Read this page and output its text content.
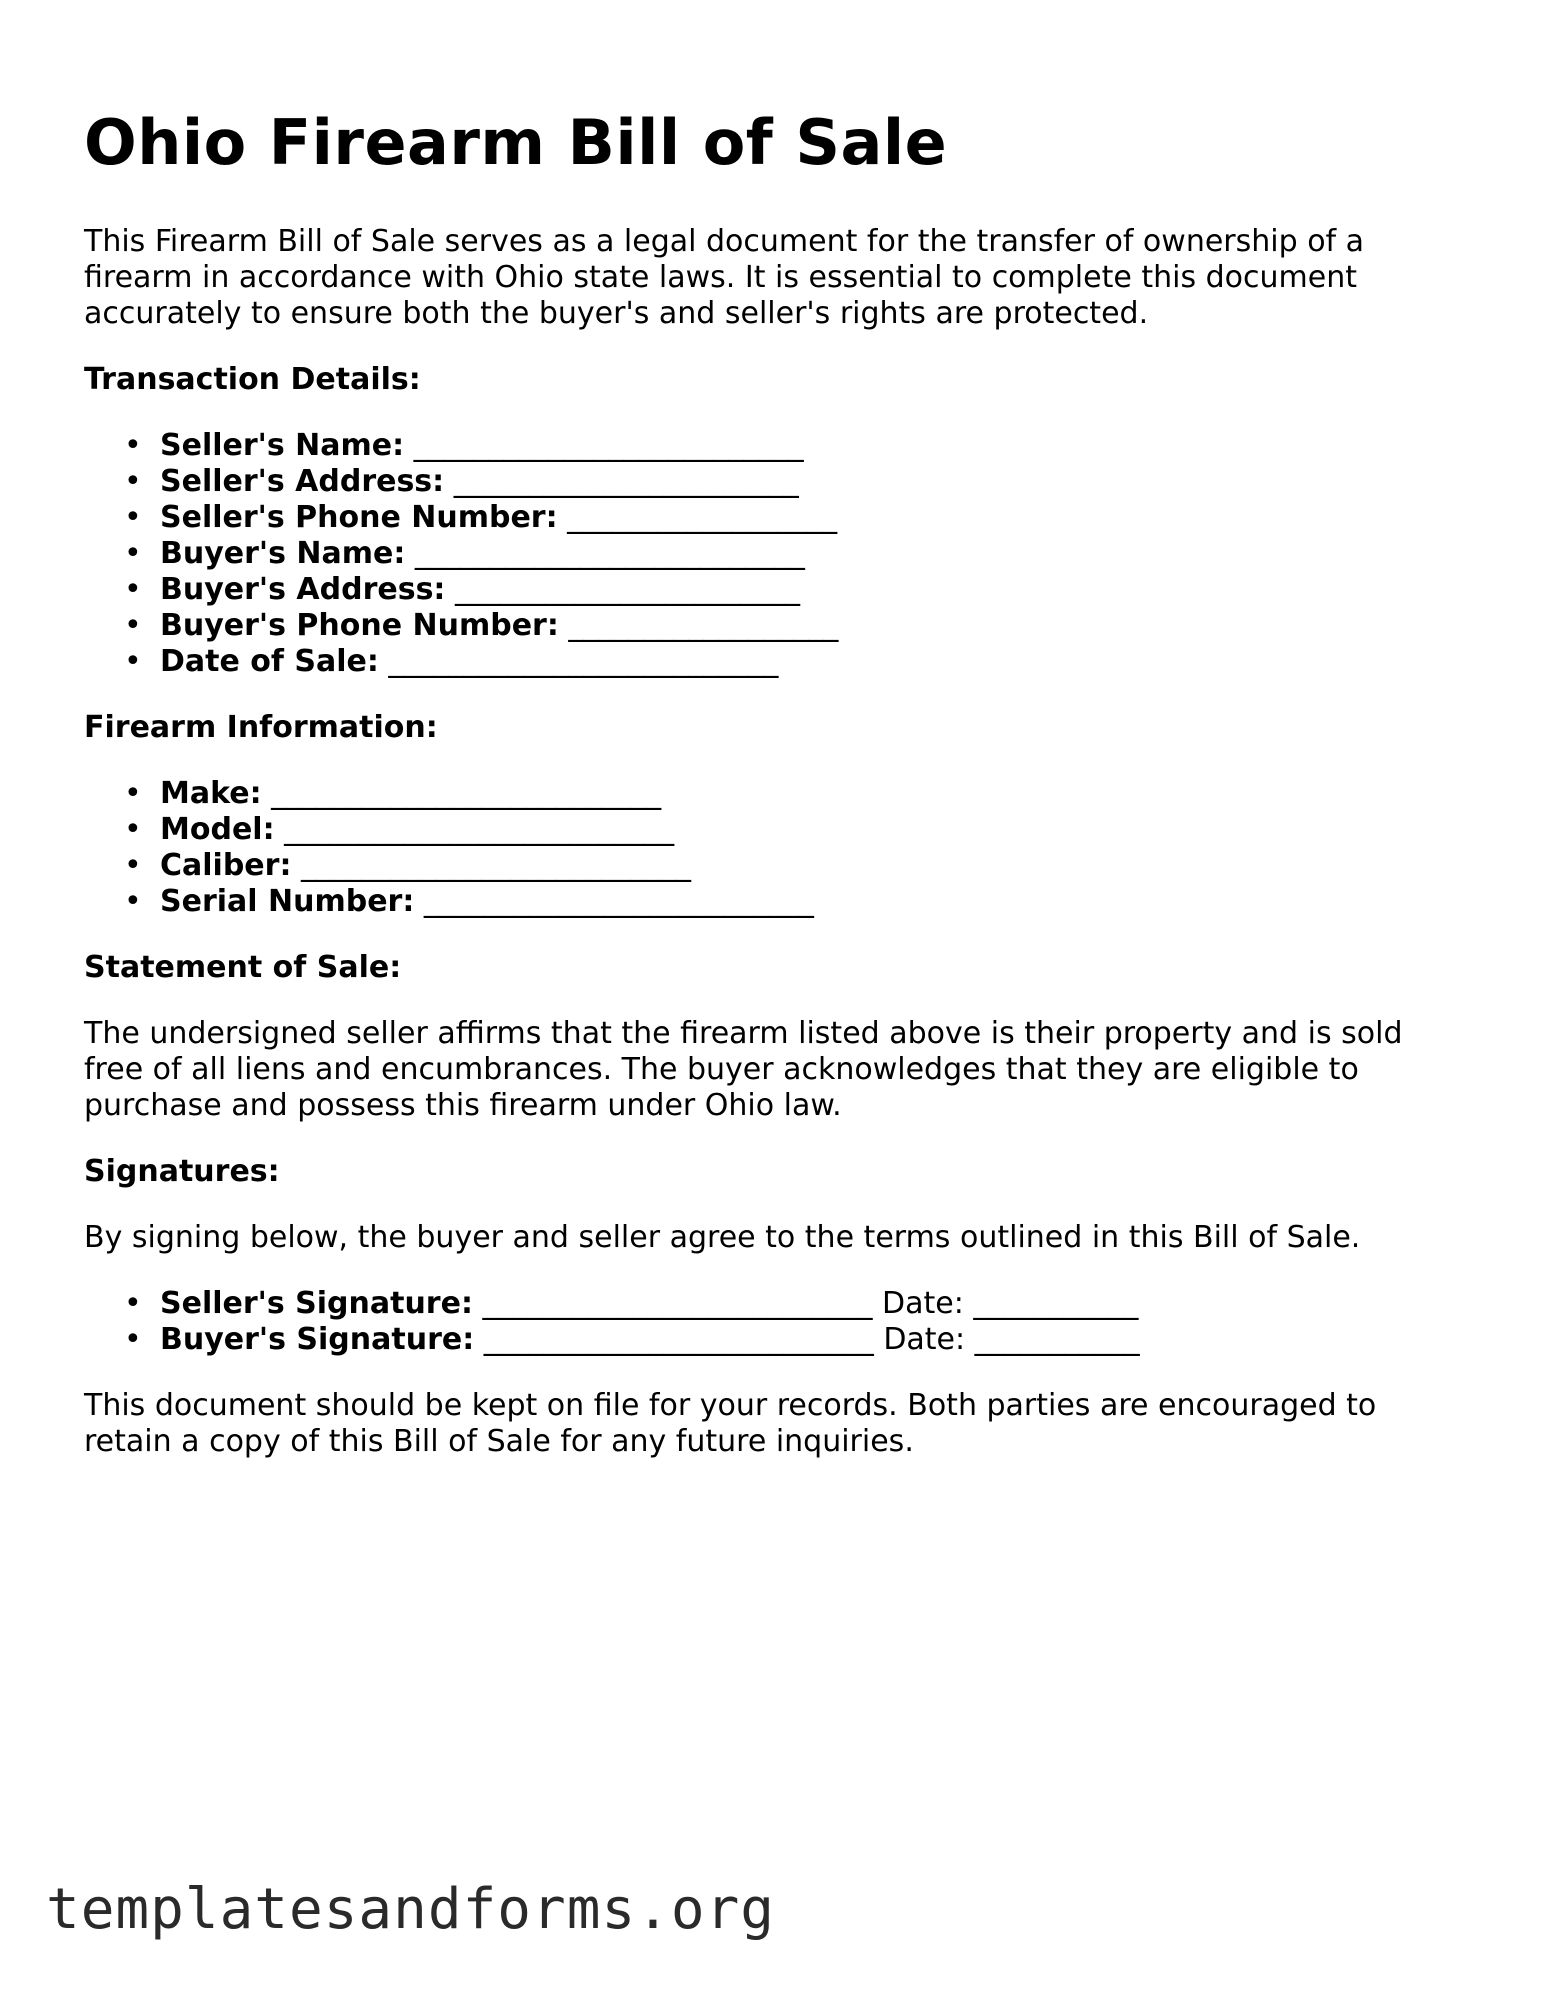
Ohio Firearm Bill of Sale

This Firearm Bill of Sale serves as a legal document for the transfer of ownership of a firearm in accordance with Ohio state laws. It is essential to complete this document accurately to ensure both the buyer's and seller's rights are protected.

Transaction Details:
• Seller's Name: __________________________
• Seller's Address: _______________________
• Seller's Phone Number: __________________
• Buyer's Name: __________________________
• Buyer's Address: _______________________
• Buyer's Phone Number: __________________
• Date of Sale: __________________________
Firearm Information:
• Make: __________________________
• Model: __________________________
• Caliber: __________________________
• Serial Number: __________________________
Statement of Sale:

The undersigned seller affirms that the firearm listed above is their property and is sold free of all liens and encumbrances. The buyer acknowledges that they are eligible to purchase and possess this firearm under Ohio law.

Signatures:

By signing below, the buyer and seller agree to the terms outlined in this Bill of Sale.

• Seller's Signature: __________________________ Date: ___________
• Buyer's Signature: __________________________ Date: ___________

This document should be kept on file for your records. Both parties are encouraged to retain a copy of this Bill of Sale for any future inquiries.

templatesandforms.org
